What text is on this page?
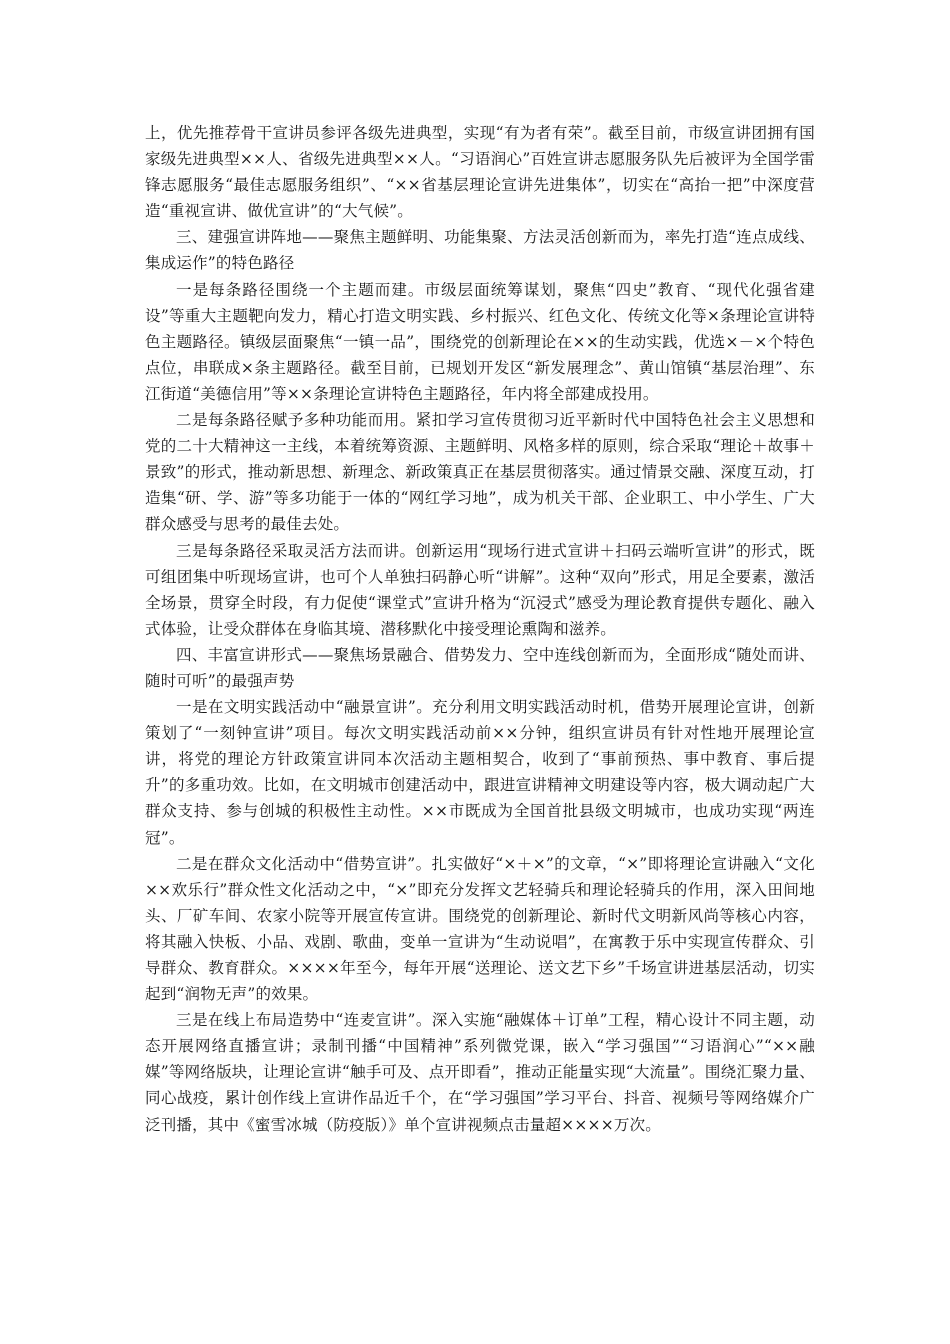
上，优先推荐骨干宣讲员参评各级先进典型，实现“有为者有荣”。截至目前，市级宣讲团拥有国家级先进典型××人、省级先进典型××人。“习语润心”百姓宣讲志愿服务队先后被评为全国学雷锋志愿服务“最佳志愿服务组织”、“××省基层理论宣讲先进集体”，切实在“高抬一把”中深度营造“重视宣讲、做优宣讲”的“大气候”。

三、建强宣讲阵地——聚焦主题鲜明、功能集聚、方法灵活创新而为，率先打造“连点成线、集成运作”的特色路径

一是每条路径围绕一个主题而建。市级层面统筹谋划，聚焦“四史”教育、“现代化强省建设”等重大主题靶向发力，精心打造文明实践、乡村振兴、红色文化、传统文化等×条理论宣讲特色主题路径。镇级层面聚焦“一镇一品”，围绕党的创新理论在××的生动实践，优选×－×个特色点位，串联成×条主题路径。截至目前，已规划开发区“新发展理念”、黄山馆镇“基层治理”、东江街道“美德信用”等××条理论宣讲特色主题路径，年内将全部建成投用。

二是每条路径赋予多种功能而用。紧扣学习宣传贯彻习近平新时代中国特色社会主义思想和党的二十大精神这一主线，本着统筹资源、主题鲜明、风格多样的原则，综合采取“理论＋故事＋景致”的形式，推动新思想、新理念、新政策真正在基层贯彻落实。通过情景交融、深度互动，打造集“研、学、游”等多功能于一体的“网红学习地”，成为机关干部、企业职工、中小学生、广大群众感受与思考的最佳去处。

三是每条路径采取灵活方法而讲。创新运用“现场行进式宣讲＋扫码云端听宣讲”的形式，既可组团集中听现场宣讲，也可个人单独扫码静心听“讲解”。这种“双向”形式，用足全要素，激活全场景，贯穿全时段，有力促使“课堂式”宣讲升格为“沉浸式”感受为理论教育提供专题化、融入式体验，让受众群体在身临其境、潜移默化中接受理论熏陶和滋养。

四、丰富宣讲形式——聚焦场景融合、借势发力、空中连线创新而为，全面形成“随处而讲、随时可听”的最强声势

一是在文明实践活动中“融景宣讲”。充分利用文明实践活动时机，借势开展理论宣讲，创新策划了“一刻钟宣讲”项目。每次文明实践活动前××分钟，组织宣讲员有针对性地开展理论宣讲，将党的理论方针政策宣讲同本次活动主题相契合，收到了“事前预热、事中教育、事后提升”的多重功效。比如，在文明城市创建活动中，跟进宣讲精神文明建设等内容，极大调动起广大群众支持、参与创城的积极性主动性。××市既成为全国首批县级文明城市，也成功实现“两连冠”。

二是在群众文化活动中“借势宣讲”。扎实做好“×＋×”的文章，“×”即将理论宣讲融入“文化××欢乐行”群众性文化活动之中，“×”即充分发挥文艺轻骑兵和理论轻骑兵的作用，深入田间地头、厂矿车间、农家小院等开展宣传宣讲。围绕党的创新理论、新时代文明新风尚等核心内容，将其融入快板、小品、戏剧、歌曲，变单一宣讲为“生动说唱”，在寓教于乐中实现宣传群众、引导群众、教育群众。××××年至今，每年开展“送理论、送文艺下乡”千场宣讲进基层活动，切实起到“润物无声”的效果。

三是在线上布局造势中“连麦宣讲”。深入实施“融媒体＋订单”工程，精心设计不同主题，动态开展网络直播宣讲；录制刊播“中国精神”系列微党课，嵌入“学习强国”“习语润心”“××融媒”等网络版块，让理论宣讲“触手可及、点开即看”，推动正能量实现“大流量”。围绕汇聚力量、同心战疫，累计创作线上宣讲作品近千个，在“学习强国”学习平台、抖音、视频号等网络媒介广泛刊播，其中《蜜雪冰城（防疫版）》单个宣讲视频点击量超××××万次。
